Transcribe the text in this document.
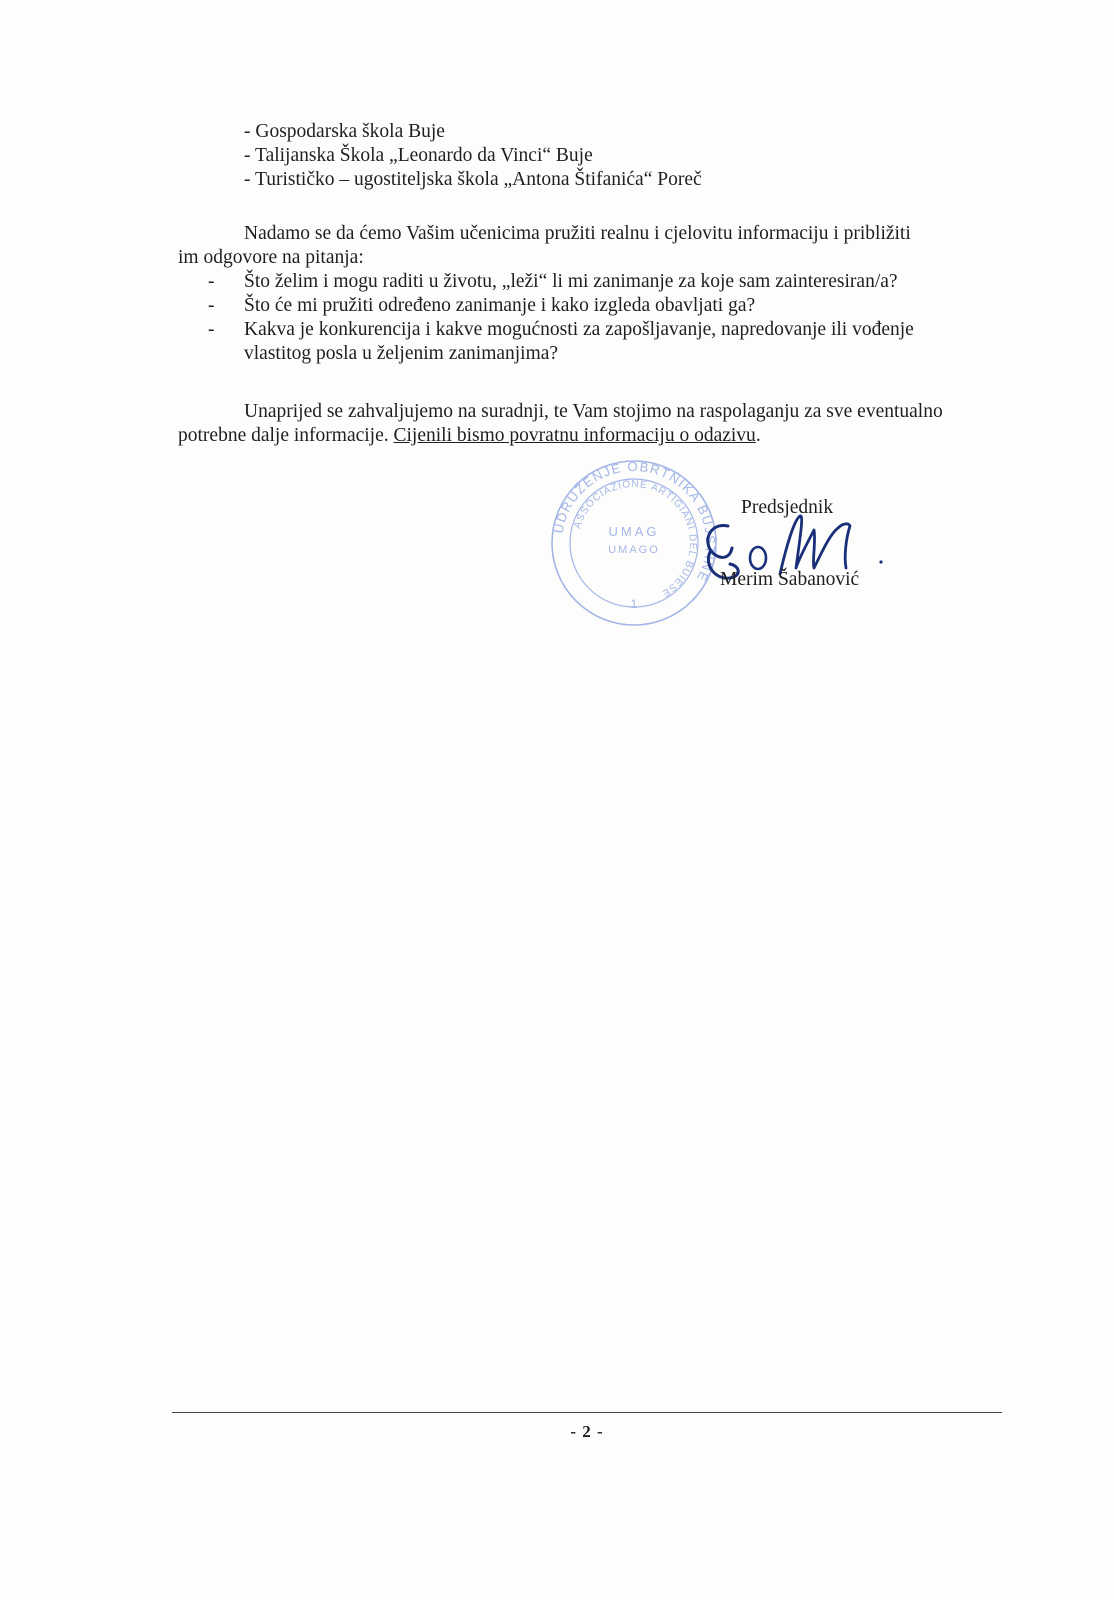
- Gospodarska škola Buje
- Talijanska Škola „Leonardo da Vinci“ Buje
- Turističko – ugostiteljska škola „Antona Štifanića“ Poreč

Nadamo se da ćemo Vašim učenicima pružiti realnu i cjelovitu informaciju i približiti
im odgovore na pitanja:

- Što želim i mogu raditi u životu, „leži“ li mi zanimanje za koje sam zainteresiran/a?
- Što će mi pružiti određeno zanimanje i kako izgleda obavljati ga?
- Kakva je konkurencija i kakve mogućnosti za zapošljavanje, napredovanje ili vođenje
vlastitog posla u željenim zanimanjima?

Unaprijed se zahvaljujemo na suradnji, te Vam stojimo na raspolaganju za sve eventualno
potrebne dalje informacije. Cijenili bismo povratnu informaciju o odazivu.

UDRUŽENJE OBRTNIKA BUJŠTINE
ASSOCIAZIONE ARTIGIANI DEL BUIESE
UMAG
UMAGO
1
Predsjednik
Merim Šabanović
- 2 -
